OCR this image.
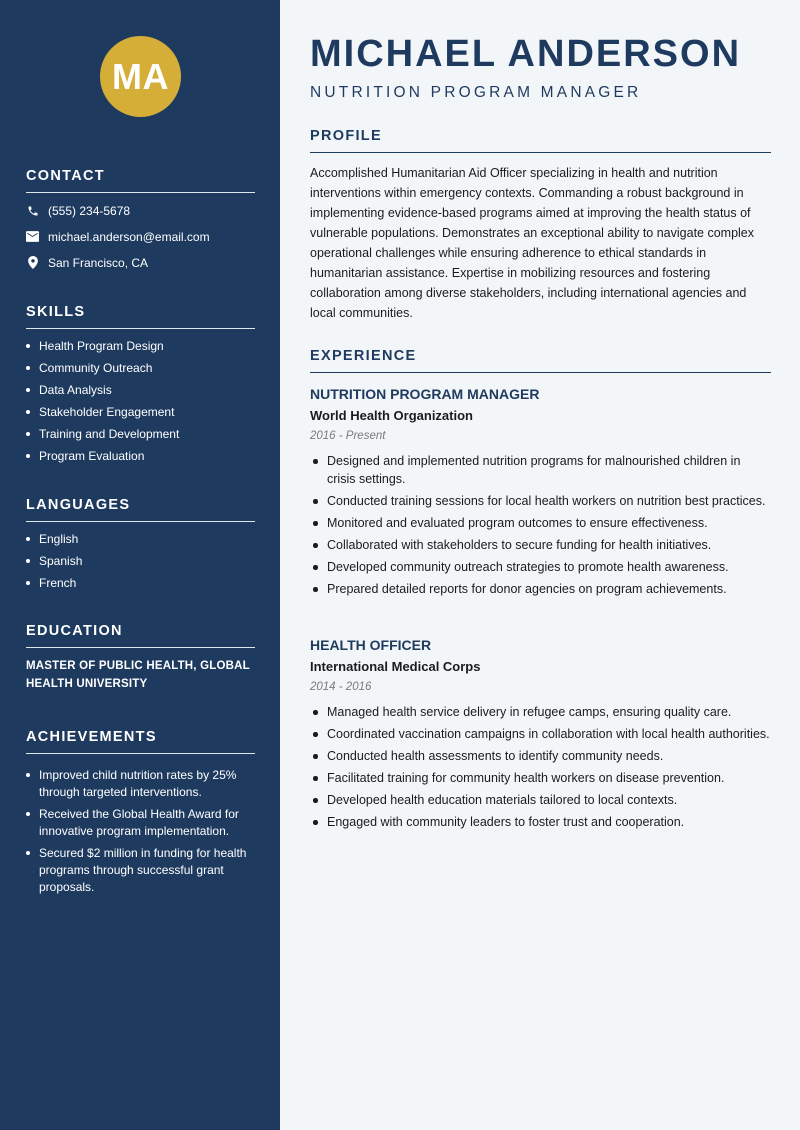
MA
CONTACT
(555) 234-5678
michael.anderson@email.com
San Francisco, CA
SKILLS
Health Program Design
Community Outreach
Data Analysis
Stakeholder Engagement
Training and Development
Program Evaluation
LANGUAGES
English
Spanish
French
EDUCATION
MASTER OF PUBLIC HEALTH, GLOBAL HEALTH UNIVERSITY
ACHIEVEMENTS
Improved child nutrition rates by 25% through targeted interventions.
Received the Global Health Award for innovative program implementation.
Secured $2 million in funding for health programs through successful grant proposals.
MICHAEL ANDERSON
NUTRITION PROGRAM MANAGER
PROFILE
Accomplished Humanitarian Aid Officer specializing in health and nutrition interventions within emergency contexts. Commanding a robust background in implementing evidence-based programs aimed at improving the health status of vulnerable populations. Demonstrates an exceptional ability to navigate complex operational challenges while ensuring adherence to ethical standards in humanitarian assistance. Expertise in mobilizing resources and fostering collaboration among diverse stakeholders, including international agencies and local communities.
EXPERIENCE
NUTRITION PROGRAM MANAGER
World Health Organization
2016 - Present
Designed and implemented nutrition programs for malnourished children in crisis settings.
Conducted training sessions for local health workers on nutrition best practices.
Monitored and evaluated program outcomes to ensure effectiveness.
Collaborated with stakeholders to secure funding for health initiatives.
Developed community outreach strategies to promote health awareness.
Prepared detailed reports for donor agencies on program achievements.
HEALTH OFFICER
International Medical Corps
2014 - 2016
Managed health service delivery in refugee camps, ensuring quality care.
Coordinated vaccination campaigns in collaboration with local health authorities.
Conducted health assessments to identify community needs.
Facilitated training for community health workers on disease prevention.
Developed health education materials tailored to local contexts.
Engaged with community leaders to foster trust and cooperation.
